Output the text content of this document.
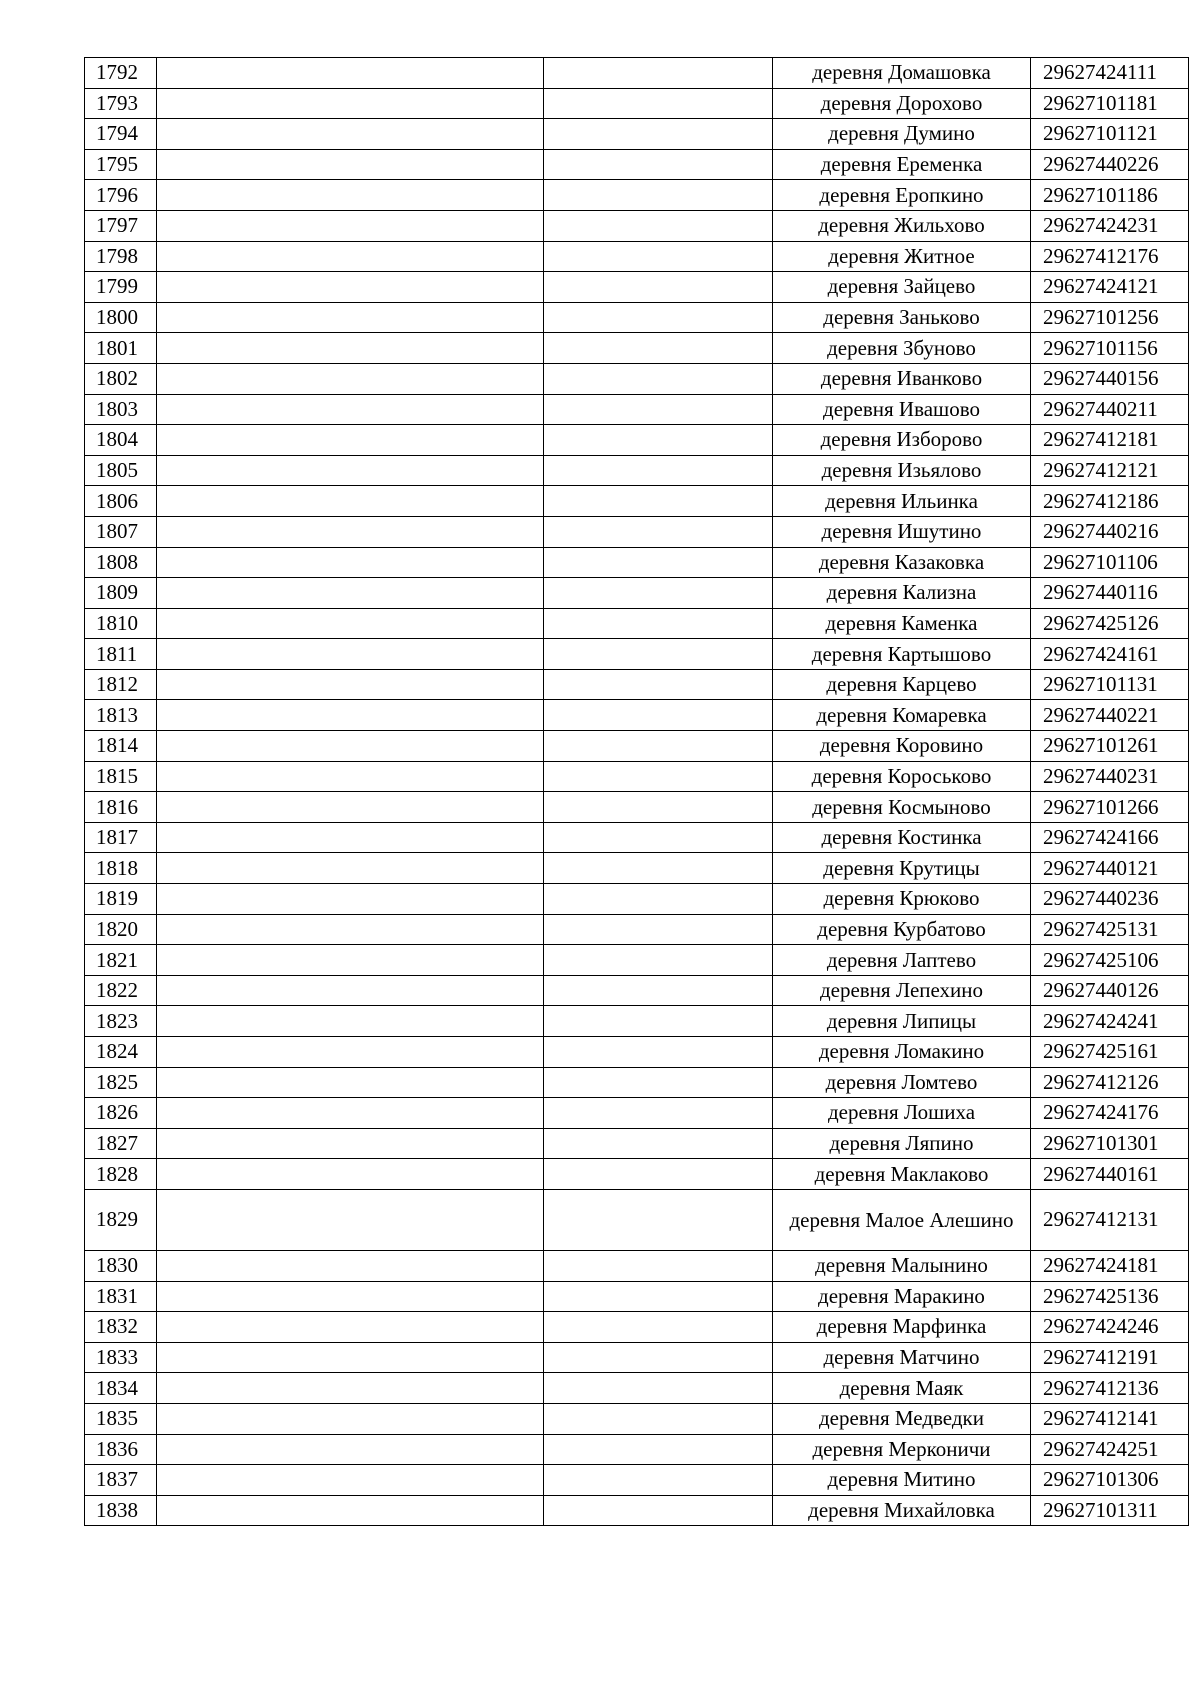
1792			деревня Домашовка	29627424111
1793			деревня Дорохово	29627101181
1794			деревня Думино	29627101121
1795			деревня Еременка	29627440226
1796			деревня Еропкино	29627101186
1797			деревня Жильхово	29627424231
1798			деревня Житное	29627412176
1799			деревня Зайцево	29627424121
1800			деревня Заньково	29627101256
1801			деревня Збуново	29627101156
1802			деревня Иванково	29627440156
1803			деревня Ивашово	29627440211
1804			деревня Изборово	29627412181
1805			деревня Изьялово	29627412121
1806			деревня Ильинка	29627412186
1807			деревня Ишутино	29627440216
1808			деревня Казаковка	29627101106
1809			деревня Кализна	29627440116
1810			деревня Каменка	29627425126
1811			деревня Картышово	29627424161
1812			деревня Карцево	29627101131
1813			деревня Комаревка	29627440221
1814			деревня Коровино	29627101261
1815			деревня Короськово	29627440231
1816			деревня Космыново	29627101266
1817			деревня Костинка	29627424166
1818			деревня Крутицы	29627440121
1819			деревня Крюково	29627440236
1820			деревня Курбатово	29627425131
1821			деревня Лаптево	29627425106
1822			деревня Лепехино	29627440126
1823			деревня Липицы	29627424241
1824			деревня Ломакино	29627425161
1825			деревня Ломтево	29627412126
1826			деревня Лошиха	29627424176
1827			деревня Ляпино	29627101301
1828			деревня Маклаково	29627440161
1829			деревня Малое Алешино	29627412131
1830			деревня Малынино	29627424181
1831			деревня Маракино	29627425136
1832			деревня Марфинка	29627424246
1833			деревня Матчино	29627412191
1834			деревня Маяк	29627412136
1835			деревня Медведки	29627412141
1836			деревня Мерконичи	29627424251
1837			деревня Митино	29627101306
1838			деревня Михайловка	29627101311
